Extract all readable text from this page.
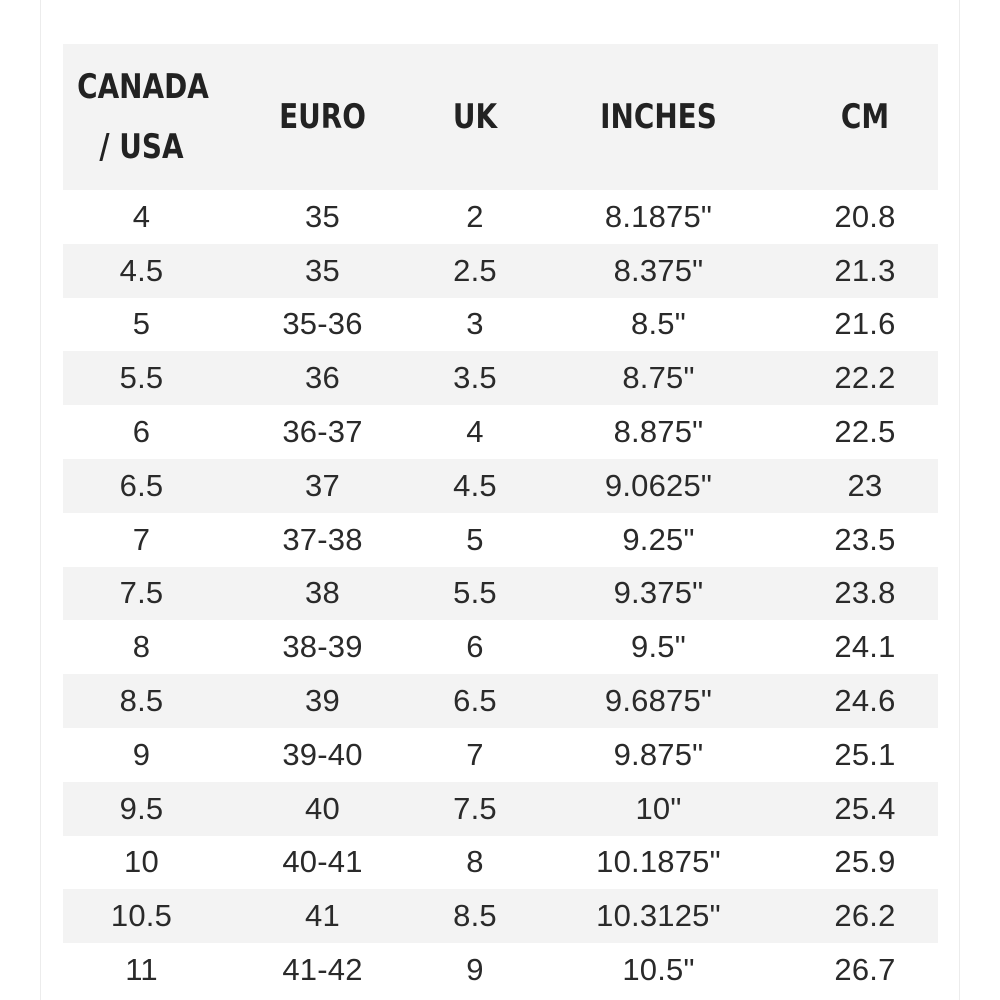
CANADA / USA	EURO	UK	INCHES	CM
4	35	2	8.1875"	20.8
4.5	35	2.5	8.375"	21.3
5	35-36	3	8.5"	21.6
5.5	36	3.5	8.75"	22.2
6	36-37	4	8.875"	22.5
6.5	37	4.5	9.0625"	23
7	37-38	5	9.25"	23.5
7.5	38	5.5	9.375"	23.8
8	38-39	6	9.5"	24.1
8.5	39	6.5	9.6875"	24.6
9	39-40	7	9.875"	25.1
9.5	40	7.5	10"	25.4
10	40-41	8	10.1875"	25.9
10.5	41	8.5	10.3125"	26.2
11	41-42	9	10.5"	26.7
